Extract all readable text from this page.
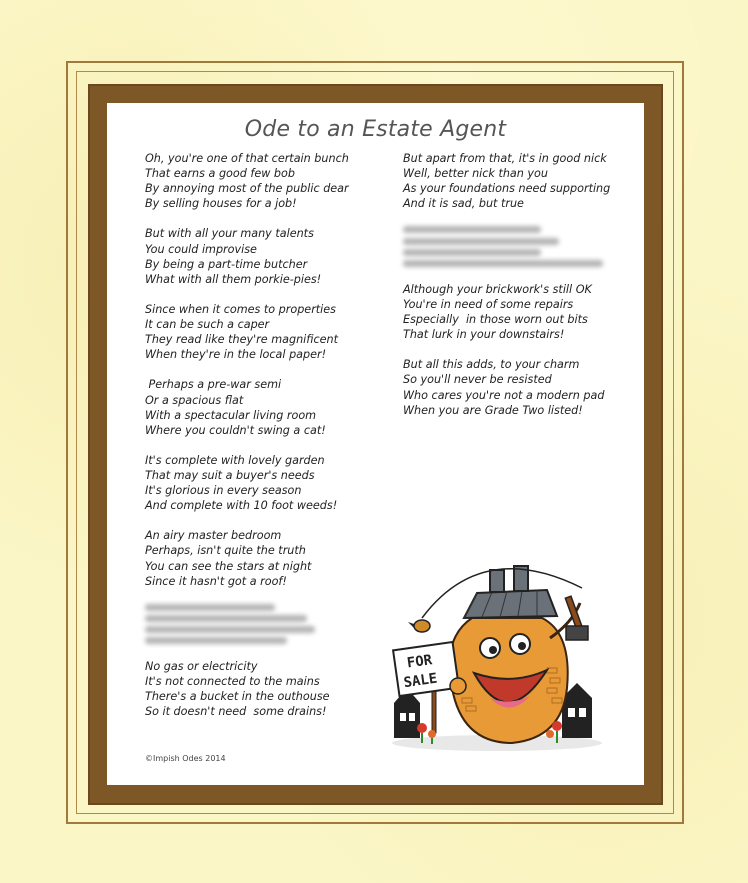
Ode to an Estate Agent
Oh, you're one of that certain bunch
That earns a good few bob
By annoying most of the public dear
By selling houses for a job!
But with all your many talents
You could improvise
By being a part-time butcher
What with all them porkie-pies!
Since when it comes to properties
It can be such a caper
They read like they're magnificent
When they're in the local paper!
Perhaps a pre-war semi
Or a spacious flat
With a spectacular living room
Where you couldn't swing a cat!
It's complete with lovely garden
That may suit a buyer's needs
It's glorious in every season
And complete with 10 foot weeds!
An airy master bedroom
Perhaps, isn't quite the truth
You can see the stars at night
Since it hasn't got a roof!
No gas or electricity
It's not connected to the mains
There's a bucket in the outhouse
So it doesn't need  some drains!
But apart from that, it's in good nick
Well, better nick than you
As your foundations need supporting
And it is sad, but true
Although your brickwork's still OK
You're in need of some repairs
Especially  in those worn out bits
That lurk in your downstairs!
But all this adds, to your charm
So you'll never be resisted
Who cares you're not a modern pad
When you are Grade Two listed!
©Impish Odes 2014
FOR
SALE
